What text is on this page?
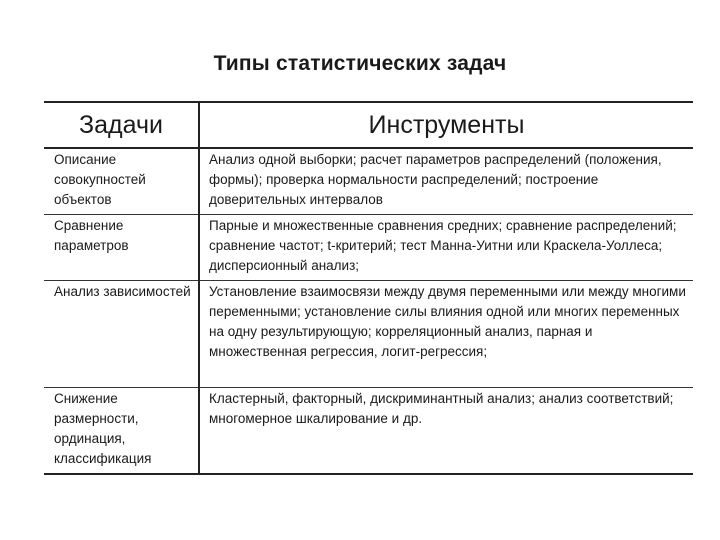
Типы статистических задач
Задачи	Инструменты
Описание совокупностей объектов	Анализ одной выборки; расчет параметров распределений (положения, формы); проверка нормальности распределений; построение доверительных интервалов
Сравнение параметров	Парные и множественные сравнения средних; сравнение распределений; сравнение частот; t-критерий; тест Манна-Уитни или Краскела-Уоллеса; дисперсионный анализ;
Анализ зависимостей	Установление взаимосвязи между двумя переменными или между многими переменными; установление силы влияния одной или многих переменных на одну результирующую; корреляционный анализ, парная и множественная регрессия, логит-регрессия;
Снижение размерности, ординация, классификация	Кластерный, факторный, дискриминантный анализ; анализ соответствий; многомерное шкалирование и др.
